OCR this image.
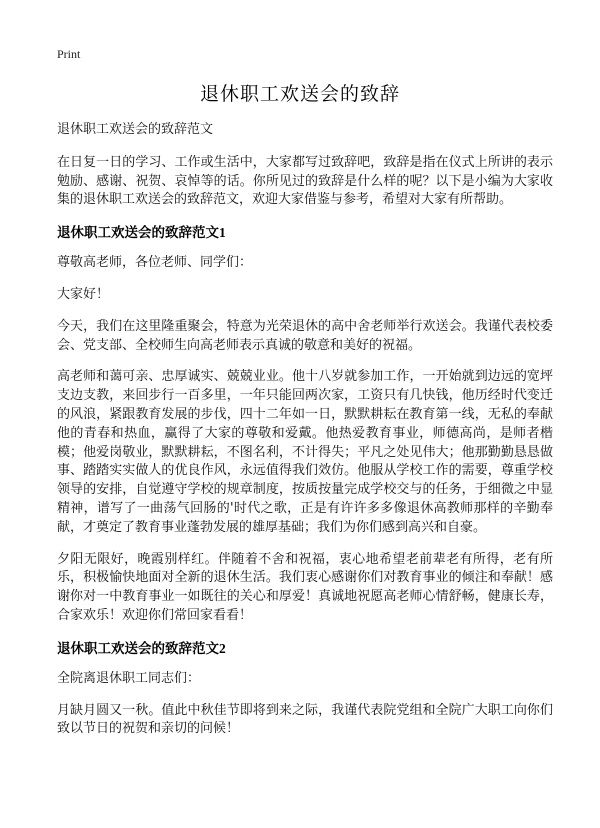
Print
退休职工欢送会的致辞

退休职工欢送会的致辞范文

在日复一日的学习、工作或生活中，大家都写过致辞吧，致辞是指在仪式上所讲的表示勉励、感谢、祝贺、哀悼等的话。你所见过的致辞是什么样的呢？以下是小编为大家收集的退休职工欢送会的致辞范文，欢迎大家借鉴与参考，希望对大家有所帮助。

退休职工欢送会的致辞范文1

尊敬高老师，各位老师、同学们：

大家好！

今天，我们在这里隆重聚会，特意为光荣退休的高中舍老师举行欢送会。我谨代表校委会、党支部、全校师生向高老师表示真诚的敬意和美好的祝福。

高老师和蔼可亲、忠厚诚实、兢兢业业。他十八岁就参加工作，一开始就到边远的宽坪支边支教，来回步行一百多里，一年只能回两次家，工资只有几快钱，他历经时代变迁的风浪，紧跟教育发展的步伐，四十二年如一日，默默耕耘在教育第一线，无私的奉献他的青春和热血，赢得了大家的尊敬和爱戴。他热爱教育事业，师德高尚，是师者楷模；他爱岗敬业，默默耕耘，不图名利，不计得失；平凡之处见伟大；他那勤勤恳恳做事、踏踏实实做人的优良作风，永远值得我们效仿。他服从学校工作的需要，尊重学校领导的安排，自觉遵守学校的规章制度，按质按量完成学校交与的任务，于细微之中显精神，谱写了一曲荡气回肠的'时代之歌，正是有许许多多像退休高教师那样的辛勤奉献，才奠定了教育事业蓬勃发展的雄厚基础；我们为你们感到高兴和自豪。

夕阳无限好，晚霞别样红。伴随着不舍和祝福，衷心地希望老前辈老有所得，老有所乐，积极愉快地面对全新的退休生活。我们衷心感谢你们对教育事业的倾注和奉献！感谢你对一中教育事业一如既往的关心和厚爱！真诚地祝愿高老师心情舒畅，健康长寿，合家欢乐！欢迎你们常回家看看！

退休职工欢送会的致辞范文2

全院离退休职工同志们：

月缺月圆又一秋。值此中秋佳节即将到来之际，我谨代表院党组和全院广大职工向你们致以节日的祝贺和亲切的问候！
